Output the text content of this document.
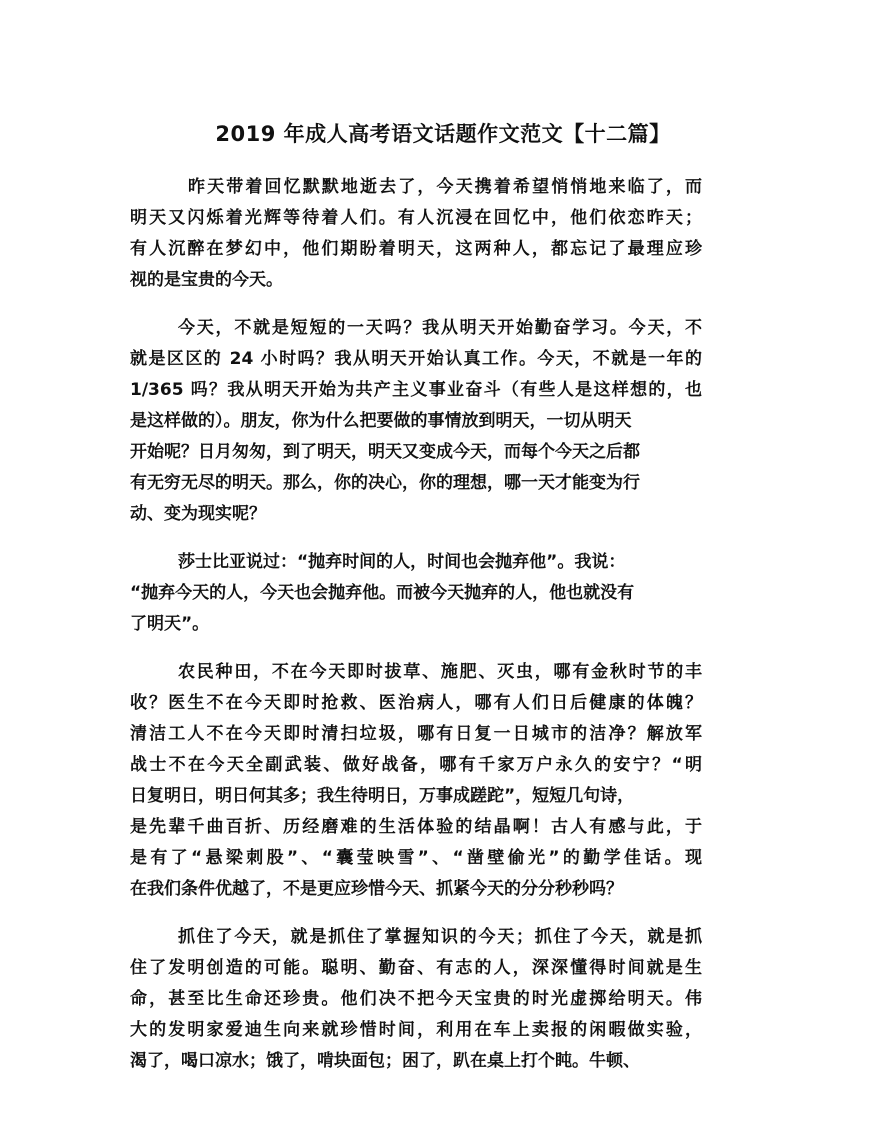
2019 年成人高考语文话题作文范文【十二篇】
昨天带着回忆默默地逝去了，今天携着希望悄悄地来临了，而
明天又闪烁着光辉等待着人们。有人沉浸在回忆中，他们依恋昨天；
有人沉醉在梦幻中，他们期盼着明天，这两种人，都忘记了最理应珍
视的是宝贵的今天。
今天，不就是短短的一天吗？我从明天开始勤奋学习。今天，不
就是区区的 24 小时吗？我从明天开始认真工作。今天，不就是一年的
1/365 吗？我从明天开始为共产主义事业奋斗（有些人是这样想的，也
是这样做的）。朋友，你为什么把要做的事情放到明天，一切从明天
开始呢？日月匆匆，到了明天，明天又变成今天，而每个今天之后都
有无穷无尽的明天。那么，你的决心，你的理想，哪一天才能变为行
动、变为现实呢？
莎士比亚说过：“抛弃时间的人，时间也会抛弃他”。我说：
“抛弃今天的人，今天也会抛弃他。而被今天抛弃的人，他也就没有
了明天”。
农民种田，不在今天即时拔草、施肥、灭虫，哪有金秋时节的丰
收？医生不在今天即时抢救、医治病人，哪有人们日后健康的体魄？
清洁工人不在今天即时清扫垃圾，哪有日复一日城市的洁净？解放军
战士不在今天全副武装、做好战备，哪有千家万户永久的安宁？“明
日复明日，明日何其多；我生待明日，万事成蹉跎”，短短几句诗，
是先辈千曲百折、历经磨难的生活体验的结晶啊！古人有感与此，于
是有了“悬梁刺股”、“囊莹映雪”、“凿壁偷光”的勤学佳话。现
在我们条件优越了，不是更应珍惜今天、抓紧今天的分分秒秒吗？
抓住了今天，就是抓住了掌握知识的今天；抓住了今天，就是抓
住了发明创造的可能。聪明、勤奋、有志的人，深深懂得时间就是生
命，甚至比生命还珍贵。他们决不把今天宝贵的时光虚掷给明天。伟
大的发明家爱迪生向来就珍惜时间，利用在车上卖报的闲暇做实验，
渴了，喝口凉水；饿了，啃块面包；困了，趴在桌上打个盹。牛顿、
